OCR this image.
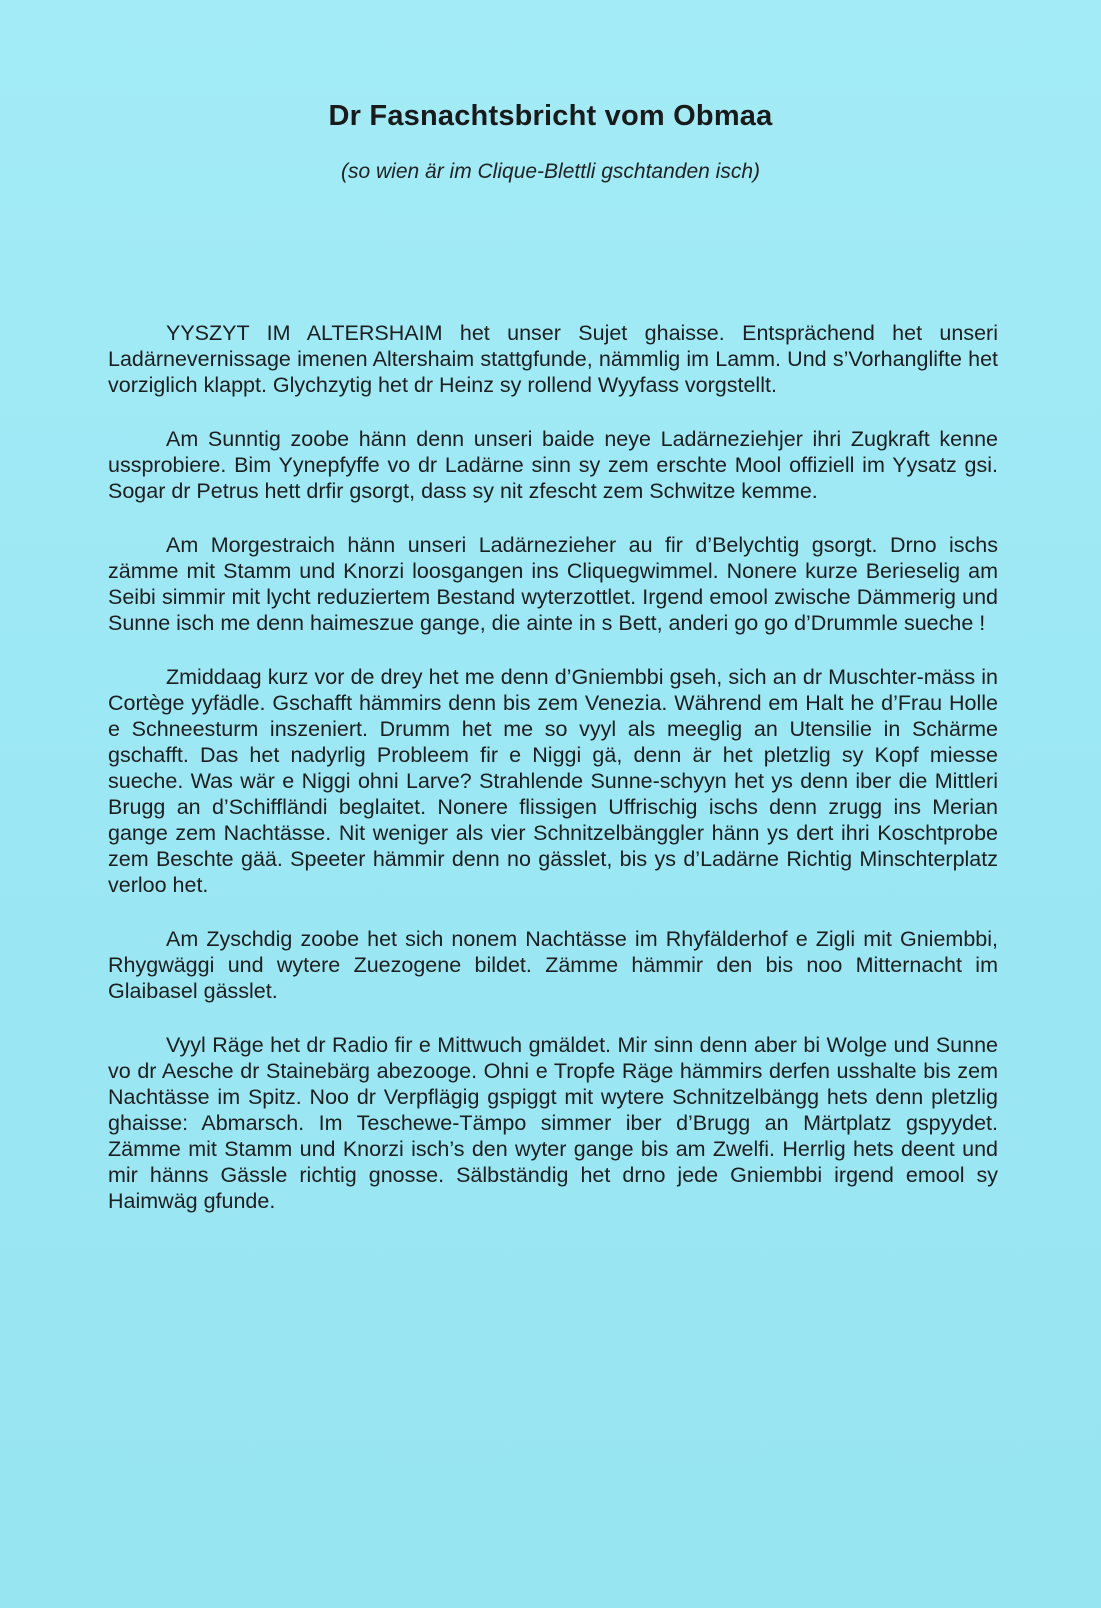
Dr Fasnachtsbricht vom Obmaa

(so wien är im Clique-Blettli gschtanden isch)

YYSZYT IM ALTERSHAIM het unser Sujet ghaisse. Entsprächend het unseri Ladärnevernissage imenen Altershaim stattgfunde, nämmlig im Lamm. Und s’Vorhanglifte het vorziglich klappt. Glychzytig het dr Heinz sy rollend Wyyfass vorgstellt.

Am Sunntig zoobe hänn denn unseri baide neye Ladärneziehjer ihri Zugkraft kenne ussprobiere. Bim Yynepfyffe vo dr Ladärne sinn sy zem erschte Mool offiziell im Yysatz gsi. Sogar dr Petrus hett drfir gsorgt, dass sy nit zfescht zem Schwitze kemme.

Am Morgestraich hänn unseri Ladärnezieher au fir d’Belychtig gsorgt. Drno ischs zämme mit Stamm und Knorzi loosgangen ins Cliquegwimmel. Nonere kurze Berieselig am Seibi simmir mit lycht reduziertem Bestand wyterzottlet. Irgend emool zwische Dämmerig und Sunne isch me denn haimeszue gange, die ainte in s Bett, anderi go go d’Drummle sueche !

Zmiddaag kurz vor de drey het me denn d’Gniembbi gseh, sich an dr Muschter-mäss in Cortège yyfädle. Gschafft hämmirs denn bis zem Venezia. Während em Halt he d’Frau Holle e Schneesturm inszeniert. Drumm het me so vyyl als meeglig an Utensilie in Schärme gschafft. Das het nadyrlig Probleem fir e Niggi gä, denn är het pletzlig sy Kopf miesse sueche. Was wär e Niggi ohni Larve? Strahlende Sunne-schyyn het ys denn iber die Mittleri Brugg an d’Schiffländi beglaitet. Nonere flissigen Uffrischig ischs denn zrugg ins Merian gange zem Nachtässe. Nit weniger als vier Schnitzelbänggler hänn ys dert ihri Koschtprobe zem Beschte gää. Speeter hämmir denn no gässlet, bis ys d’Ladärne Richtig Minschterplatz verloo het.

Am Zyschdig zoobe het sich nonem Nachtässe im Rhyfälderhof e Zigli mit Gniembbi, Rhygwäggi und wytere Zuezogene bildet. Zämme hämmir den bis noo Mitternacht im Glaibasel gässlet.

Vyyl Räge het dr Radio fir e Mittwuch gmäldet. Mir sinn denn aber bi Wolge und Sunne vo dr Aesche dr Stainebärg abezooge. Ohni e Tropfe Räge hämmirs derfen usshalte bis zem Nachtässe im Spitz. Noo dr Verpflägig gspiggt mit wytere Schnitzelbängg hets denn pletzlig ghaisse: Abmarsch. Im Teschewe-Tämpo simmer iber d’Brugg an Märtplatz gspyydet. Zämme mit Stamm und Knorzi isch’s den wyter gange bis am Zwelfi. Herrlig hets deent und mir hänns Gässle richtig gnosse. Sälbständig het drno jede Gniembbi irgend emool sy Haimwäg gfunde.
